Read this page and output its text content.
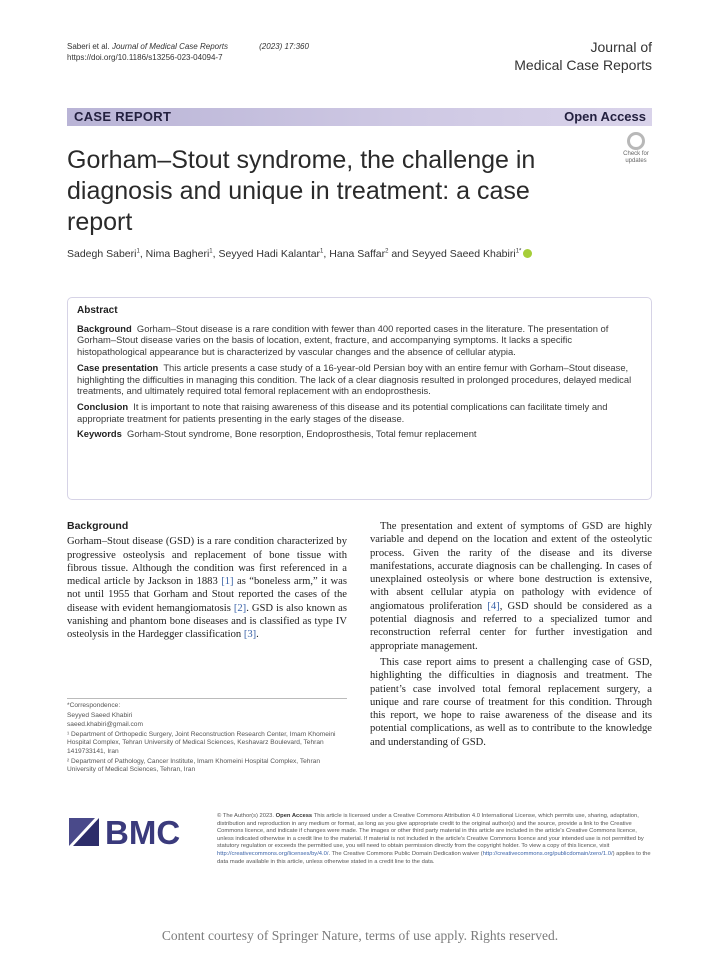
Saberi et al. Journal of Medical Case Reports	(2023) 17:360
https://doi.org/10.1186/s13256-023-04094-7
Journal of
Medical Case Reports
CASE REPORT	Open Access
Gorham–Stout syndrome, the challenge in diagnosis and unique in treatment: a case report
Check for
updates
Sadegh Saberi$^1$, Nima Bagheri$^1$, Seyyed Hadi Kalantar$^1$, Hana Saffar$^2$ and Seyyed Saeed Khabiri$^{1*}$
Abstract

Background Gorham–Stout disease is a rare condition with fewer than 400 reported cases in the literature. The presentation of Gorham–Stout disease varies on the basis of location, extent, fracture, and accompanying symptoms. It lacks a specific histopathological appearance but is characterized by vascular changes and the absence of cellular atypia.

Case presentation This article presents a case study of a 16-year-old Persian boy with an entire femur with Gorham–Stout disease, highlighting the difficulties in managing this condition. The lack of a clear diagnosis resulted in prolonged procedures, delayed medical treatments, and ultimately required total femoral replacement with an endoprosthesis.

Conclusion It is important to note that raising awareness of this disease and its potential complications can facilitate timely and appropriate treatment for patients presenting in the early stages of the disease.

Keywords Gorham-Stout syndrome, Bone resorption, Endoprosthesis, Total femur replacement

Background

Gorham–Stout disease (GSD) is a rare condition characterized by progressive osteolysis and replacement of bone tissue with fibrous tissue. Although the condition was first referenced in a medical article by Jackson in 1883 [1] as “boneless arm,” it was not until 1955 that Gorham and Stout reported the cases of the disease with evident hemangiomatosis [2]. GSD is also known as vanishing and phantom bone diseases and is classified as type IV osteolysis in the Hardegger classification [3].

*Correspondence:

Seyyed Saeed Khabiri

saeed.khabiri@gmail.com

¹ Department of Orthopedic Surgery, Joint Reconstruction Research Center, Imam Khomeini Hospital Complex, Tehran University of Medical Sciences, Keshavarz Boulevard, Tehran 1419733141, Iran

² Department of Pathology, Cancer Institute, Imam Khomeini Hospital Complex, Tehran University of Medical Sciences, Tehran, Iran

The presentation and extent of symptoms of GSD are highly variable and depend on the location and extent of the osteolytic process. Given the rarity of the disease and its diverse manifestations, accurate diagnosis can be challenging. In cases of unexplained osteolysis or where bone destruction is extensive, with absent cellular atypia on pathology with evidence of angiomatous proliferation [4], GSD should be considered as a potential diagnosis and referred to a specialized tumor and reconstruction referral center for further investigation and appropriate management.

This case report aims to present a challenging case of GSD, highlighting the difficulties in diagnosis and treatment. The patient’s case involved total femoral replacement surgery, a unique and rare course of treatment for this condition. Through this report, we hope to raise awareness of the disease and its potential complications, as well as to contribute to the knowledge and understanding of GSD.

BMC	© The Author(s) 2023. Open Access This article is licensed under a Creative Commons Attribution 4.0 International License, which permits use, sharing, adaptation, distribution and reproduction in any medium or format, as long as you give appropriate credit to the original author(s) and the source, provide a link to the Creative Commons licence, and indicate if changes were made. The images or other third party material in this article are included in the article's Creative Commons licence, unless indicated otherwise in a credit line to the material. If material is not included in the article's Creative Commons licence and your intended use is not permitted by statutory regulation or exceeds the permitted use, you will need to obtain permission directly from the copyright holder. To view a copy of this licence, visit http://creativecommons.org/licenses/by/4.0/. The Creative Commons Public Domain Dedication waiver (http://creativecommons.org/publicdomain/zero/1.0/) applies to the data made available in this article, unless otherwise stated in a credit line to the data.
Content courtesy of Springer Nature, terms of use apply. Rights reserved.
